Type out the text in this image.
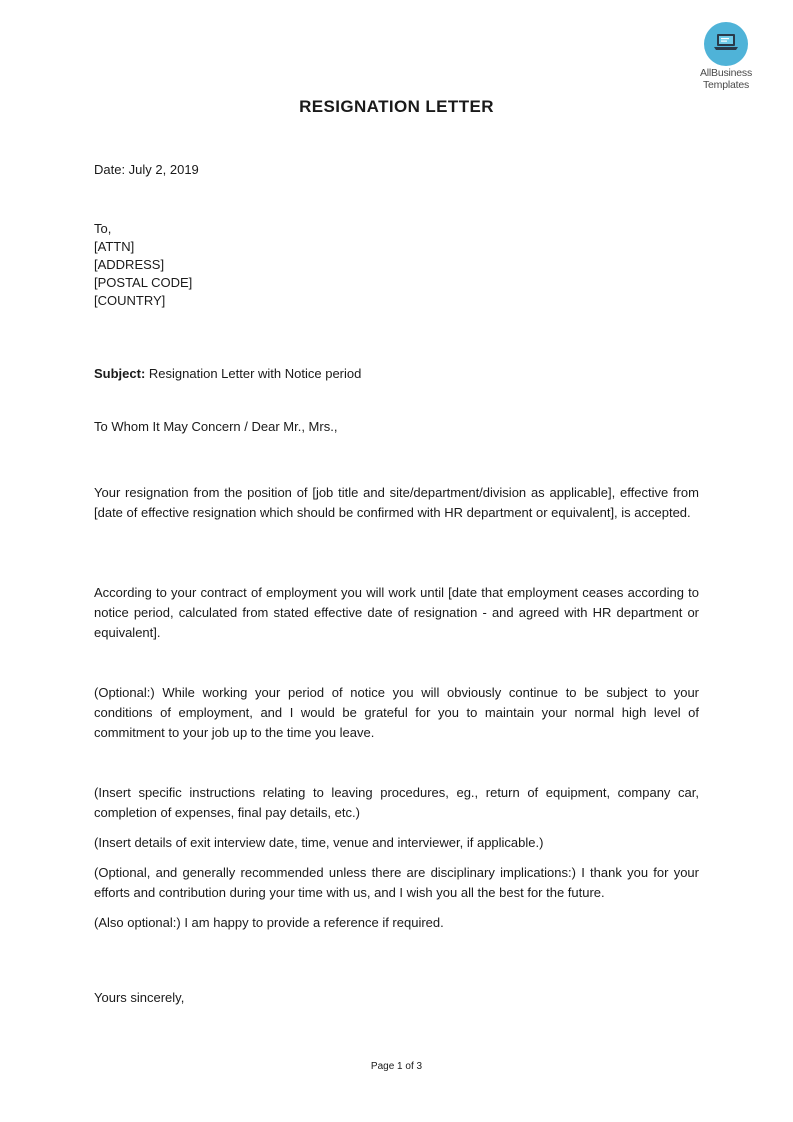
AllBusiness
Templates
RESIGNATION LETTER
Date: July 2, 2019
To,
[ATTN]
[ADDRESS]
[POSTAL CODE]
[COUNTRY]
Subject: Resignation Letter with Notice period
To Whom It May Concern / Dear Mr., Mrs.,
Your resignation from the position of [job title and site/department/division as applicable], effective from [date of effective resignation which should be confirmed with HR department or equivalent], is accepted.
According to your contract of employment you will work until [date that employment ceases according to notice period, calculated from stated effective date of resignation - and agreed with HR department or equivalent].
(Optional:) While working your period of notice you will obviously continue to be subject to your conditions of employment, and I would be grateful for you to maintain your normal high level of commitment to your job up to the time you leave.
(Insert specific instructions relating to leaving procedures, eg., return of equipment, company car, completion of expenses, final pay details, etc.)
(Insert details of exit interview date, time, venue and interviewer, if applicable.)
(Optional, and generally recommended unless there are disciplinary implications:) I thank you for your efforts and contribution during your time with us, and I wish you all the best for the future.
(Also optional:) I am happy to provide a reference if required.
Yours sincerely,
Page 1 of 3
